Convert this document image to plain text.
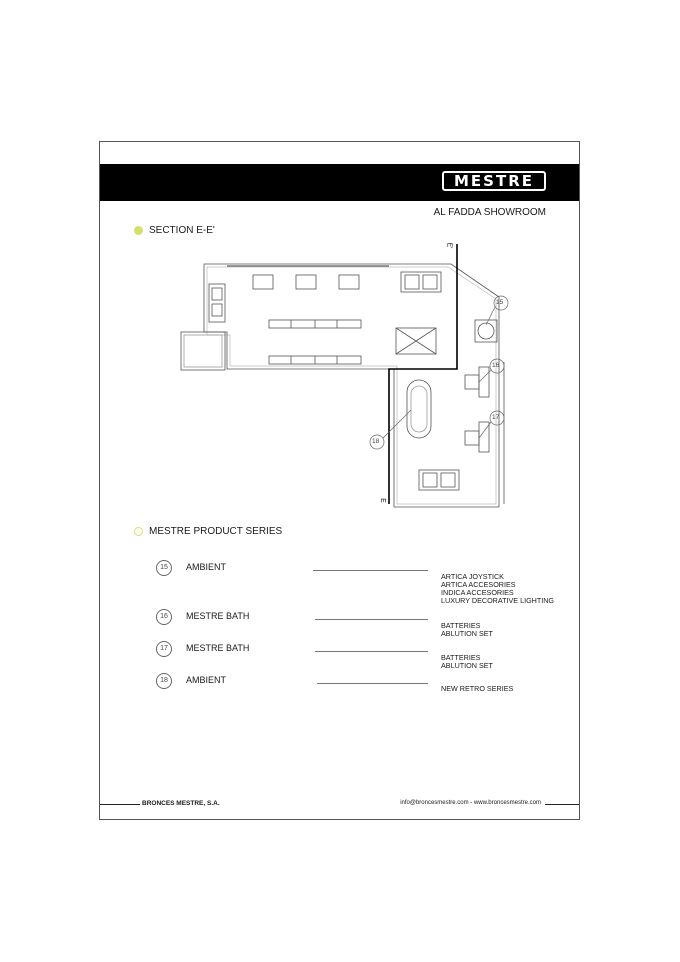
MESTRE
AL FADDA SHOWROOM
SECTION E-E'
15
16
17
18
E'
E
MESTRE PRODUCT SERIES
15	AMBIENT
ARTICA JOYSTICK
ARTICA ACCESORIES
INDICA ACCESORIES
LUXURY DECORATIVE LIGHTING
16	MESTRE BATH
BATTERIES
ABLUTION SET
17	MESTRE BATH
BATTERIES
ABLUTION SET
18	AMBIENT
NEW RETRO SERIES
BRONCES MESTRE, S.A.	info@broncesmestre.com - www.broncesmestre.com
